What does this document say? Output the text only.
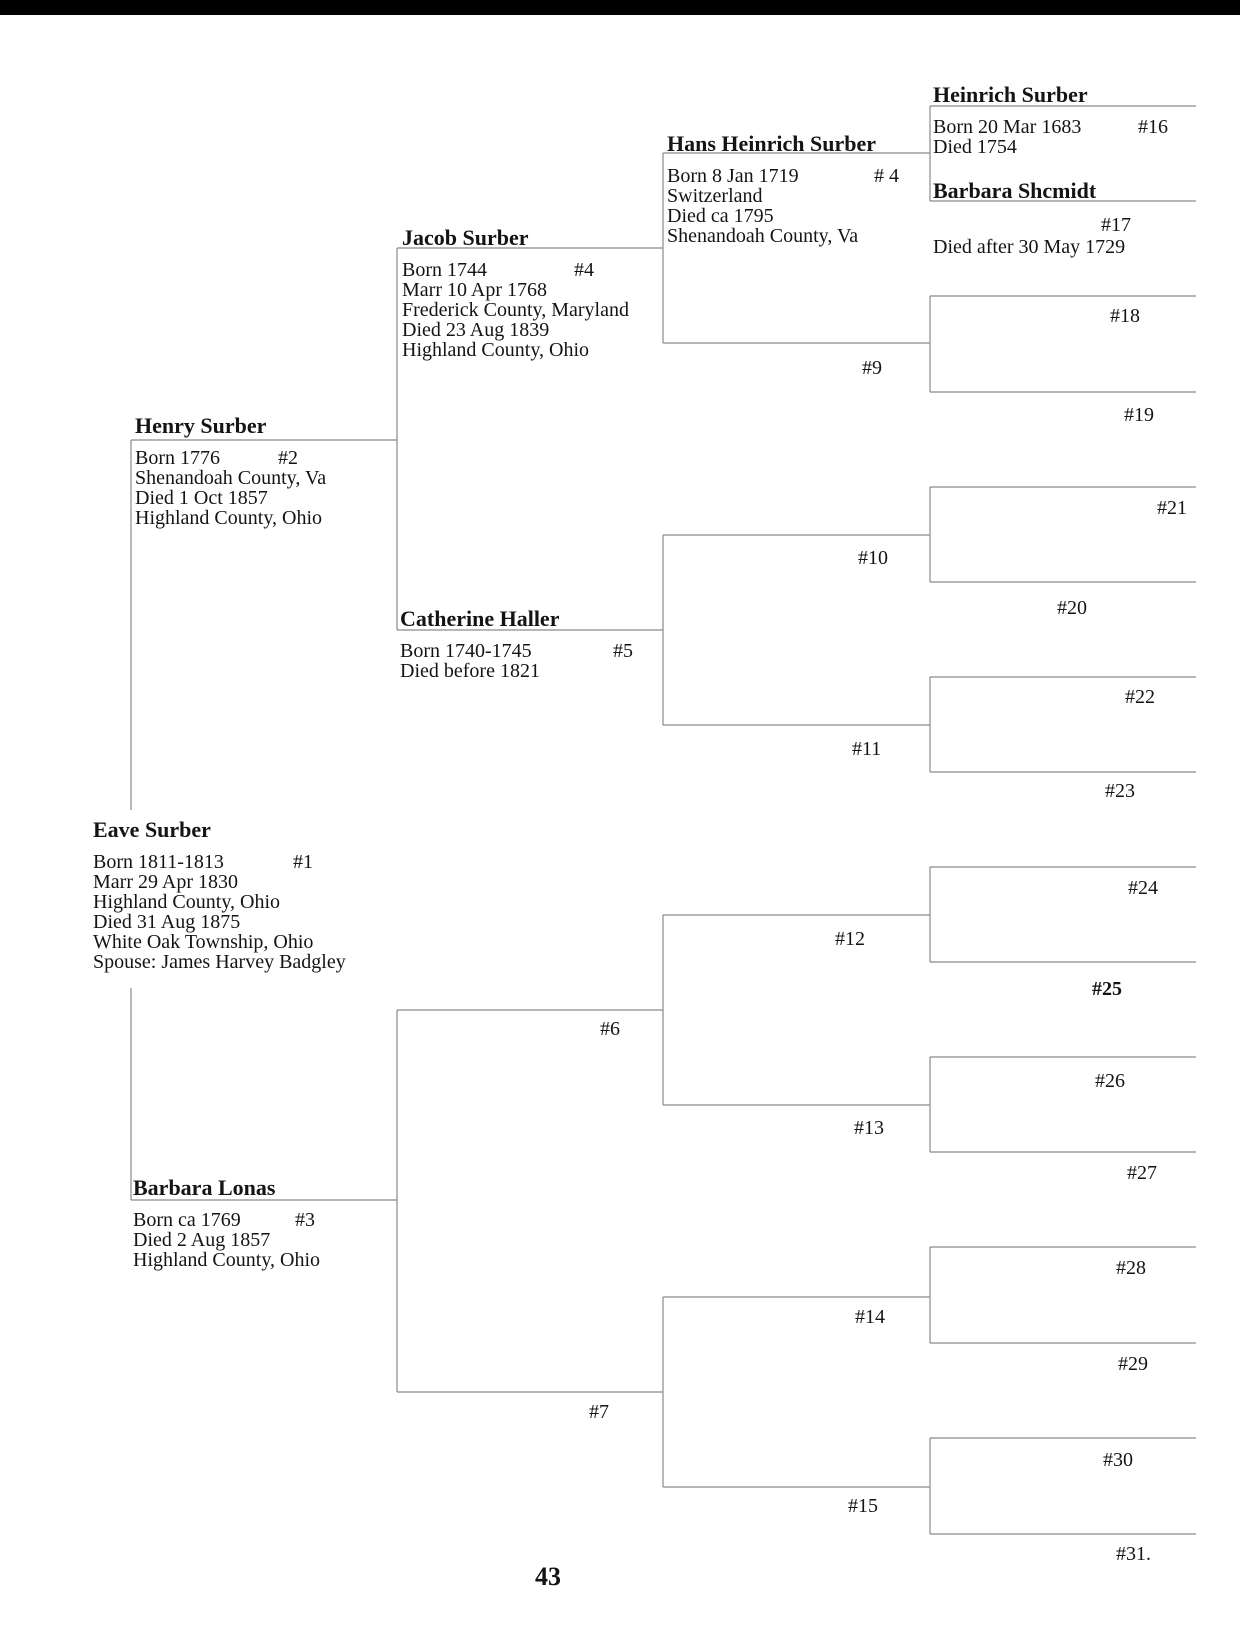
Eave Surber
Born 1811-1813
Marr 29 Apr 1830
Highland County, Ohio
Died 31 Aug 1875
White Oak Township, Ohio
Spouse: James Harvey Badgley
#1
Henry Surber
Born 1776
Shenandoah County, Va
Died 1 Oct 1857
Highland County, Ohio
#2
Barbara Lonas
Born ca 1769
Died 2 Aug 1857
Highland County, Ohio
#3
Jacob Surber
Born 1744
Marr 10 Apr 1768
Frederick County, Maryland
Died 23 Aug 1839
Highland County, Ohio
#4
Catherine Haller
Born 1740-1745
Died before 1821
#5
Hans Heinrich Surber
Born 8 Jan 1719
Switzerland
Died ca 1795
Shenandoah County, Va
# 4
Heinrich Surber
Born 20 Mar 1683
Died 1754
#16
Barbara Shcmidt
Died after 30 May 1729
#17
#6
#7
#9
#10
#11
#12
#13
#14
#15
#18
#19
#20
#21
#22
#23
#24
#25
#26
#27
#28
#29
#30
#31.
43
